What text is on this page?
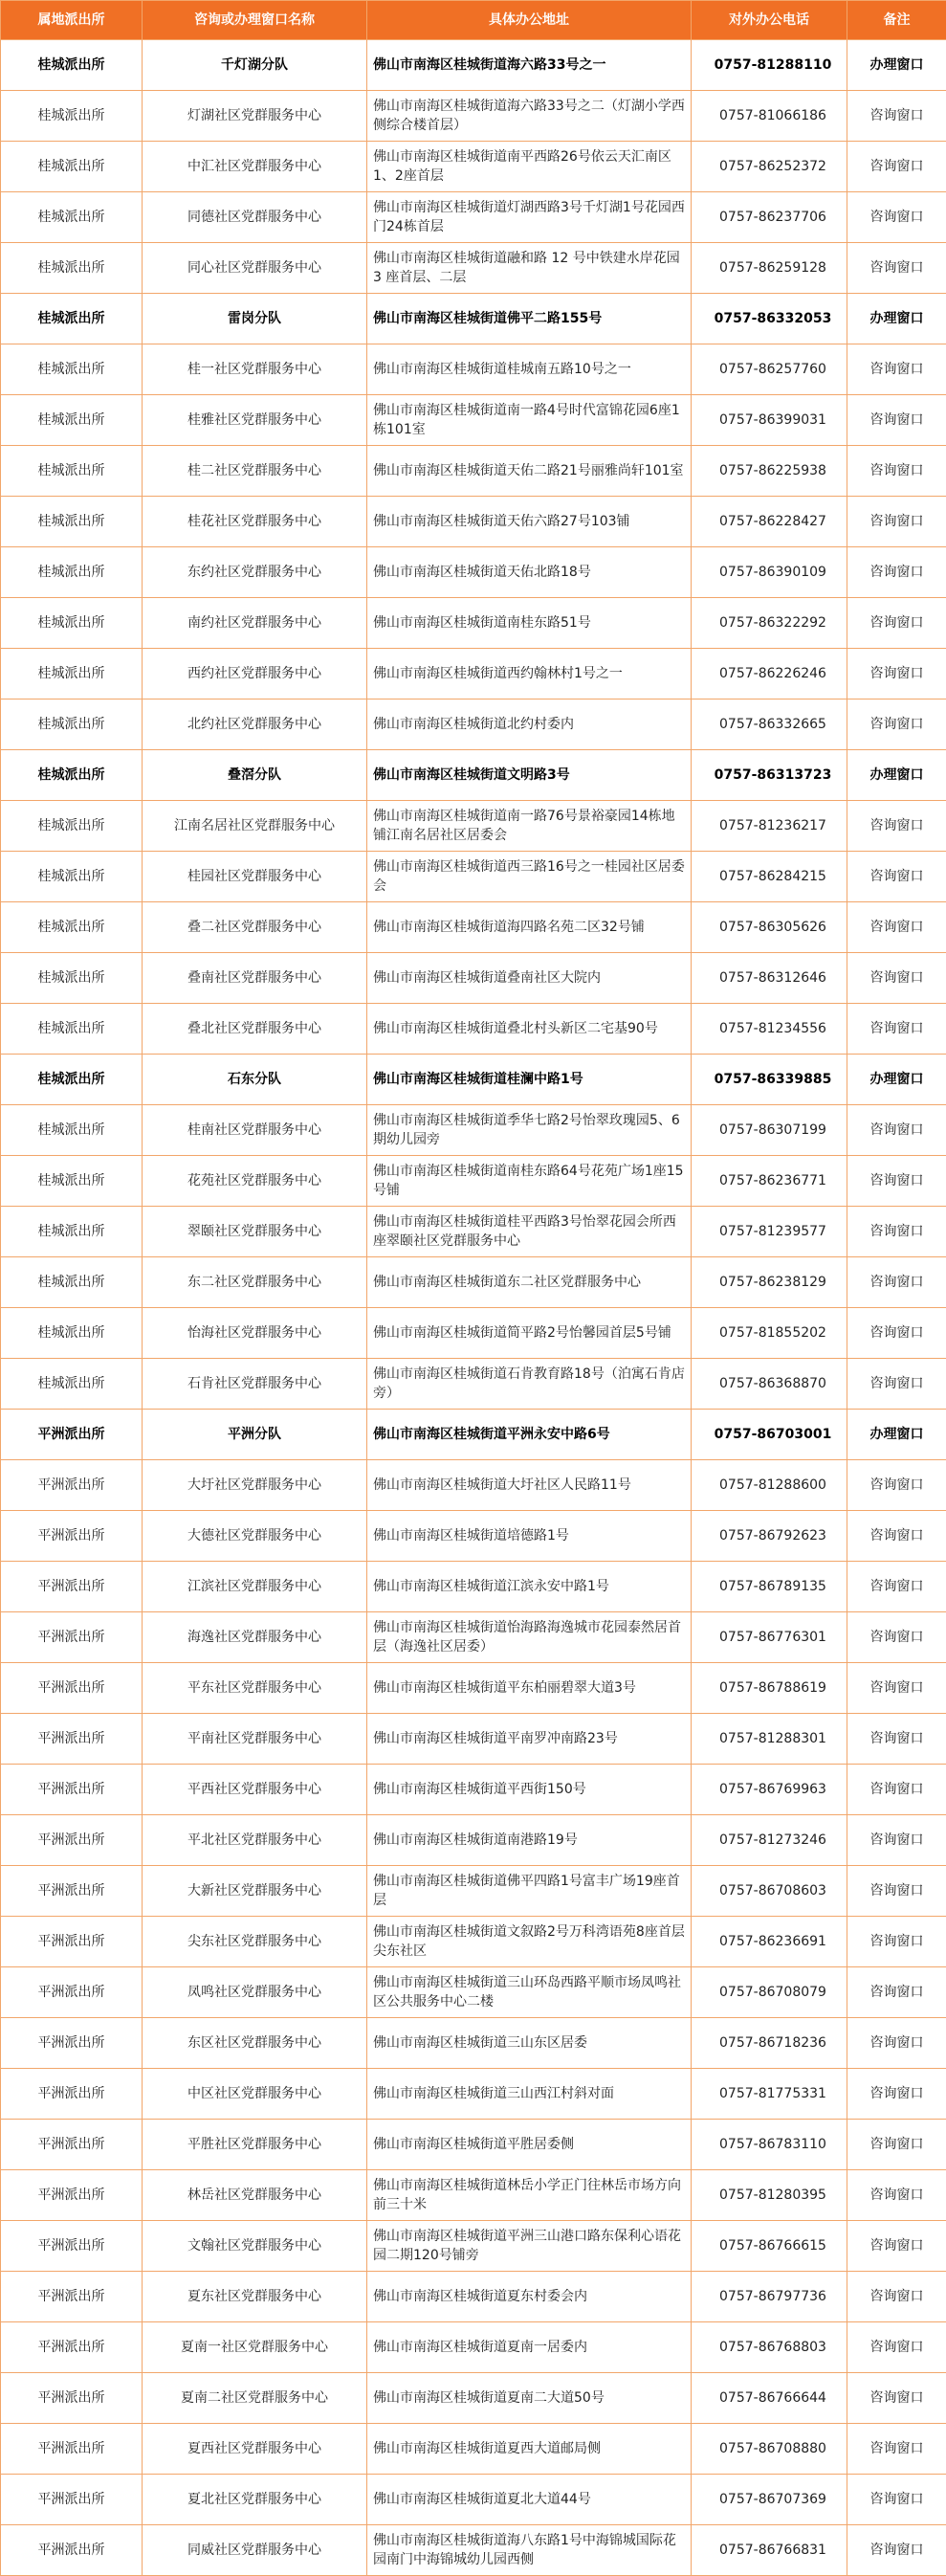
属地派出所	咨询或办理窗口名称	具体办公地址	对外办公电话	备注
桂城派出所	千灯湖分队	佛山市南海区桂城街道海六路33号之一	0757-81288110	办理窗口
桂城派出所	灯湖社区党群服务中心	佛山市南海区桂城街道海六路33号之二（灯湖小学西侧综合楼首层）	0757-81066186	咨询窗口
桂城派出所	中汇社区党群服务中心	佛山市南海区桂城街道南平西路26号依云天汇南区1、2座首层	0757-86252372	咨询窗口
桂城派出所	同德社区党群服务中心	佛山市南海区桂城街道灯湖西路3号千灯湖1号花园西门24栋首层	0757-86237706	咨询窗口
桂城派出所	同心社区党群服务中心	佛山市南海区桂城街道融和路 12 号中铁建水岸花园 3 座首层、二层	0757-86259128	咨询窗口
桂城派出所	雷岗分队	佛山市南海区桂城街道佛平二路155号	0757-86332053	办理窗口
桂城派出所	桂一社区党群服务中心	佛山市南海区桂城街道桂城南五路10号之一	0757-86257760	咨询窗口
桂城派出所	桂雅社区党群服务中心	佛山市南海区桂城街道南一路4号时代富锦花园6座1栋101室	0757-86399031	咨询窗口
桂城派出所	桂二社区党群服务中心	佛山市南海区桂城街道天佑二路21号丽雅尚轩101室	0757-86225938	咨询窗口
桂城派出所	桂花社区党群服务中心	佛山市南海区桂城街道天佑六路27号103铺	0757-86228427	咨询窗口
桂城派出所	东约社区党群服务中心	佛山市南海区桂城街道天佑北路18号	0757-86390109	咨询窗口
桂城派出所	南约社区党群服务中心	佛山市南海区桂城街道南桂东路51号	0757-86322292	咨询窗口
桂城派出所	西约社区党群服务中心	佛山市南海区桂城街道西约翰林村1号之一	0757-86226246	咨询窗口
桂城派出所	北约社区党群服务中心	佛山市南海区桂城街道北约村委内	0757-86332665	咨询窗口
桂城派出所	叠滘分队	佛山市南海区桂城街道文明路3号	0757-86313723	办理窗口
桂城派出所	江南名居社区党群服务中心	佛山市南海区桂城街道南一路76号景裕豪园14栋地铺江南名居社区居委会	0757-81236217	咨询窗口
桂城派出所	桂园社区党群服务中心	佛山市南海区桂城街道西三路16号之一桂园社区居委会	0757-86284215	咨询窗口
桂城派出所	叠二社区党群服务中心	佛山市南海区桂城街道海四路名苑二区32号铺	0757-86305626	咨询窗口
桂城派出所	叠南社区党群服务中心	佛山市南海区桂城街道叠南社区大院内	0757-86312646	咨询窗口
桂城派出所	叠北社区党群服务中心	佛山市南海区桂城街道叠北村头新区二宅基90号	0757-81234556	咨询窗口
桂城派出所	石东分队	佛山市南海区桂城街道桂澜中路1号	0757-86339885	办理窗口
桂城派出所	桂南社区党群服务中心	佛山市南海区桂城街道季华七路2号怡翠玫瑰园5、6期幼儿园旁	0757-86307199	咨询窗口
桂城派出所	花苑社区党群服务中心	佛山市南海区桂城街道南桂东路64号花苑广场1座15号铺	0757-86236771	咨询窗口
桂城派出所	翠颐社区党群服务中心	佛山市南海区桂城街道桂平西路3号怡翠花园会所西座翠颐社区党群服务中心	0757-81239577	咨询窗口
桂城派出所	东二社区党群服务中心	佛山市南海区桂城街道东二社区党群服务中心	0757-86238129	咨询窗口
桂城派出所	怡海社区党群服务中心	佛山市南海区桂城街道简平路2号怡馨园首层5号铺	0757-81855202	咨询窗口
桂城派出所	石肯社区党群服务中心	佛山市南海区桂城街道石肯教育路18号（泊寓石肯店旁）	0757-86368870	咨询窗口
平洲派出所	平洲分队	佛山市南海区桂城街道平洲永安中路6号	0757-86703001	办理窗口
平洲派出所	大圩社区党群服务中心	佛山市南海区桂城街道大圩社区人民路11号	0757-81288600	咨询窗口
平洲派出所	大德社区党群服务中心	佛山市南海区桂城街道培德路1号	0757-86792623	咨询窗口
平洲派出所	江滨社区党群服务中心	佛山市南海区桂城街道江滨永安中路1号	0757-86789135	咨询窗口
平洲派出所	海逸社区党群服务中心	佛山市南海区桂城街道怡海路海逸城市花园泰然居首层（海逸社区居委）	0757-86776301	咨询窗口
平洲派出所	平东社区党群服务中心	佛山市南海区桂城街道平东柏丽碧翠大道3号	0757-86788619	咨询窗口
平洲派出所	平南社区党群服务中心	佛山市南海区桂城街道平南罗冲南路23号	0757-81288301	咨询窗口
平洲派出所	平西社区党群服务中心	佛山市南海区桂城街道平西街150号	0757-86769963	咨询窗口
平洲派出所	平北社区党群服务中心	佛山市南海区桂城街道南港路19号	0757-81273246	咨询窗口
平洲派出所	大新社区党群服务中心	佛山市南海区桂城街道佛平四路1号富丰广场19座首层	0757-86708603	咨询窗口
平洲派出所	尖东社区党群服务中心	佛山市南海区桂城街道文叙路2号万科湾语苑8座首层尖东社区	0757-86236691	咨询窗口
平洲派出所	凤鸣社区党群服务中心	佛山市南海区桂城街道三山环岛西路平顺市场凤鸣社区公共服务中心二楼	0757-86708079	咨询窗口
平洲派出所	东区社区党群服务中心	佛山市南海区桂城街道三山东区居委	0757-86718236	咨询窗口
平洲派出所	中区社区党群服务中心	佛山市南海区桂城街道三山西江村斜对面	0757-81775331	咨询窗口
平洲派出所	平胜社区党群服务中心	佛山市南海区桂城街道平胜居委侧	0757-86783110	咨询窗口
平洲派出所	林岳社区党群服务中心	佛山市南海区桂城街道林岳小学正门往林岳市场方向前三十米	0757-81280395	咨询窗口
平洲派出所	文翰社区党群服务中心	佛山市南海区桂城街道平洲三山港口路东保利心语花园二期120号铺旁	0757-86766615	咨询窗口
平洲派出所	夏东社区党群服务中心	佛山市南海区桂城街道夏东村委会内	0757-86797736	咨询窗口
平洲派出所	夏南一社区党群服务中心	佛山市南海区桂城街道夏南一居委内	0757-86768803	咨询窗口
平洲派出所	夏南二社区党群服务中心	佛山市南海区桂城街道夏南二大道50号	0757-86766644	咨询窗口
平洲派出所	夏西社区党群服务中心	佛山市南海区桂城街道夏西大道邮局侧	0757-86708880	咨询窗口
平洲派出所	夏北社区党群服务中心	佛山市南海区桂城街道夏北大道44号	0757-86707369	咨询窗口
平洲派出所	同威社区党群服务中心	佛山市南海区桂城街道海八东路1号中海锦城国际花园南门中海锦城幼儿园西侧	0757-86766831	咨询窗口
